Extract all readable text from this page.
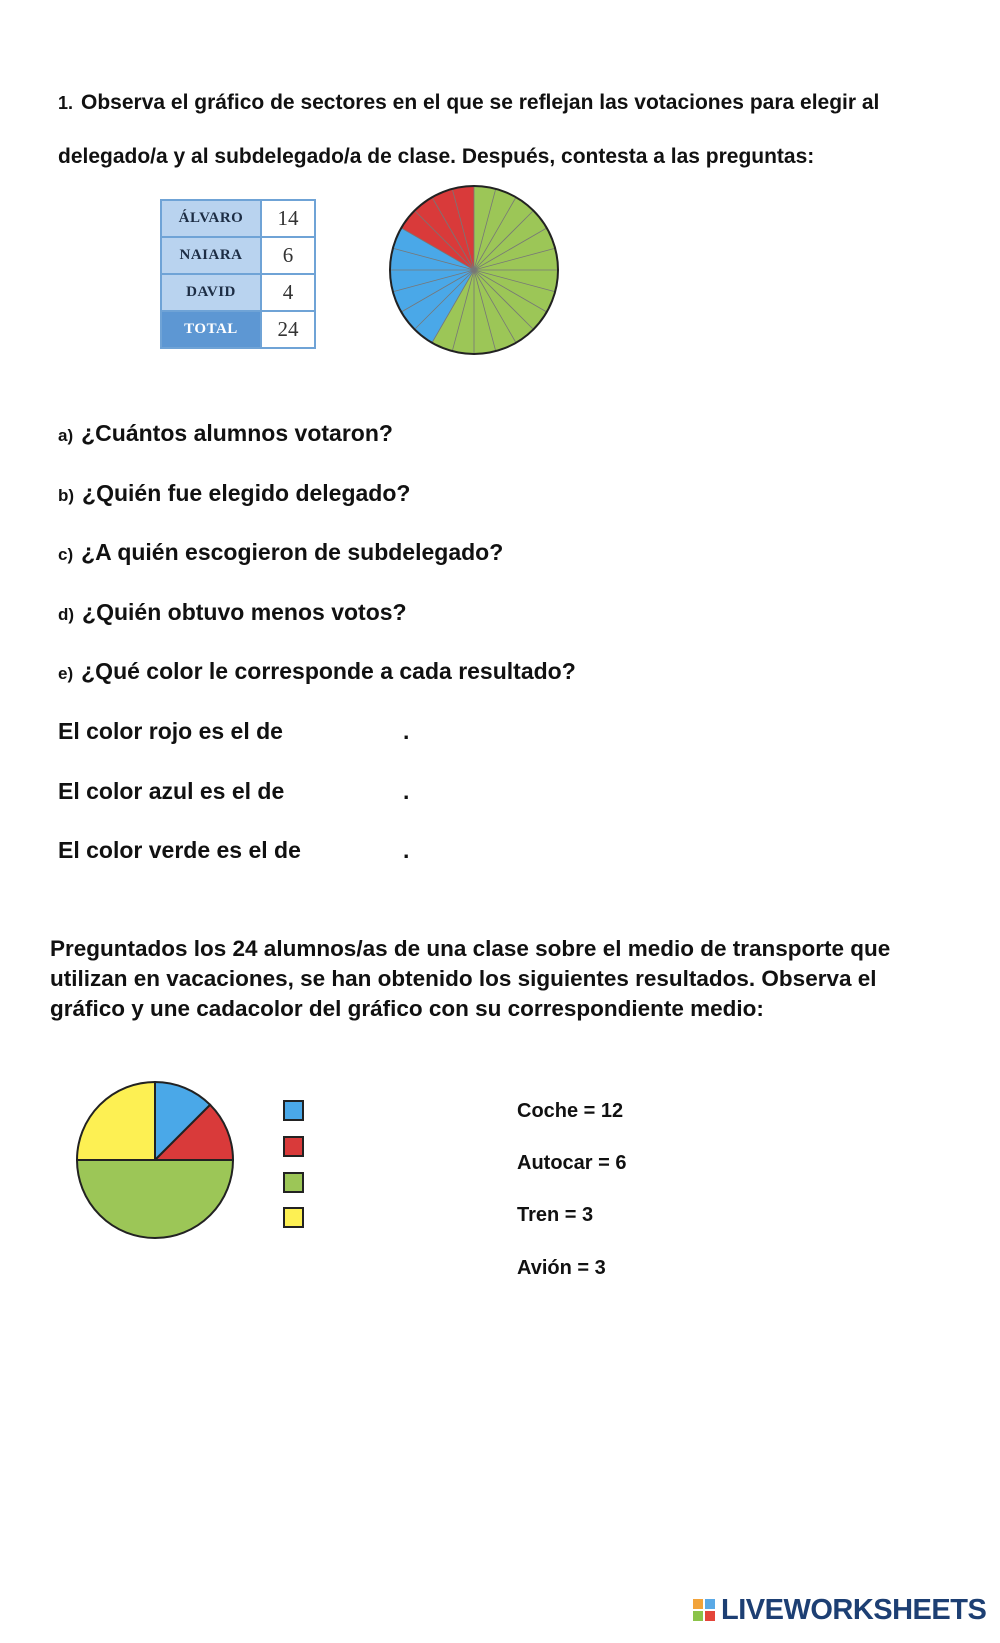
1. Observa el gráfico de sectores en el que se reflejan las votaciones para elegir al delegado/a y al subdelegado/a de clase. Después, contesta a las preguntas:
ÁLVARO	14
NAIARA	6
DAVID	4
TOTAL	24
a) ¿Cuántos alumnos votaron?
b) ¿Quién fue elegido delegado?
c) ¿A quién escogieron de subdelegado?
d) ¿Quién obtuvo menos votos?
e) ¿Qué color le corresponde a cada resultado?
El color rojo es el de	.
El color azul es el de	.
El color verde es el de	.
Preguntados los 24 alumnos/as de una clase sobre el medio de transporte que utilizan en vacaciones, se han obtenido los siguientes resultados. Observa el gráfico y une cadacolor del gráfico con su correspondiente medio:
Coche = 12
Autocar = 6
Tren = 3
Avión = 3
LIVEWORKSHEETS
